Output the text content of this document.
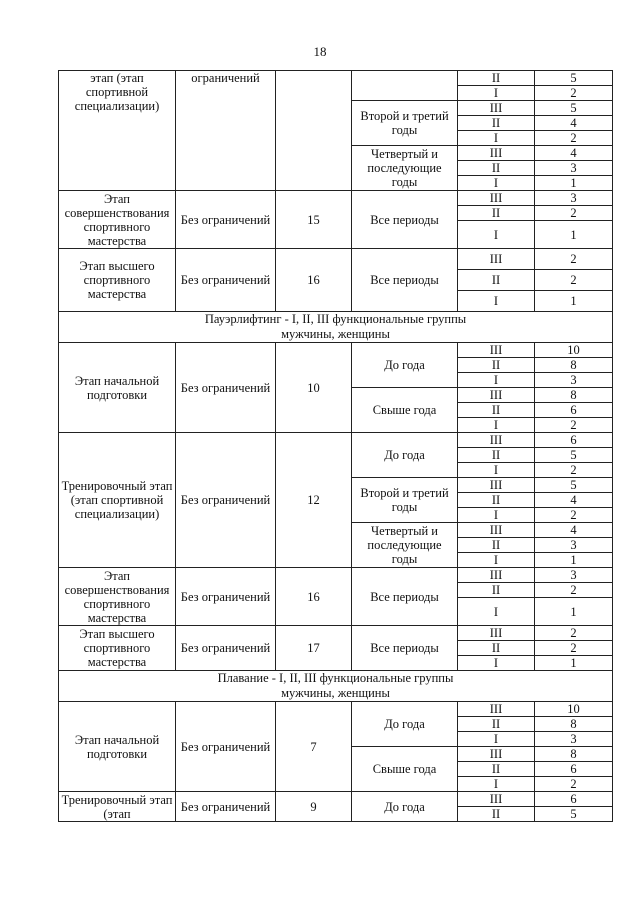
18
этап (этап спортивной специализации)	ограничений			II	5
				I	2
			Второй и третий годы	III	5
				II	4
				I	2
			Четвертый и последующие годы	III	4
				II	3
				I	1
Этап совершенствования спортивного мастерства	Без ограничений	15	Все периоды	III	3
				II	2
				I	1
Этап высшего спортивного мастерства	Без ограничений	16	Все периоды	III	2
				II	2
				I	1

Пауэрлифтинг - I, II, III функциональные группы
мужчины, женщины					

Этап начальной подготовки	Без ограничений	10	До года	III	10
				II	8
				I	3
			Свыше года	III	8
				II	6
				I	2
Тренировочный этап (этап спортивной специализации)	Без ограничений	12	До года	III	6
				II	5
				I	2
			Второй и третий годы	III	5
				II	4
				I	2
			Четвертый и последующие годы	III	4
				II	3
				I	1
Этап совершенствования спортивного мастерства	Без ограничений	16	Все периоды	III	3
				II	2
				I	1
Этап высшего спортивного мастерства	Без ограничений	17	Все периоды	III	2
				II	2
				I	1

Плавание - I, II, III функциональные группы
мужчины, женщины					

Этап начальной подготовки	Без ограничений	7	До года	III	10
				II	8
				I	3
			Свыше года	III	8
				II	6
				I	2
Тренировочный этап (этап	Без ограничений	9	До года	III	6
				II	5
